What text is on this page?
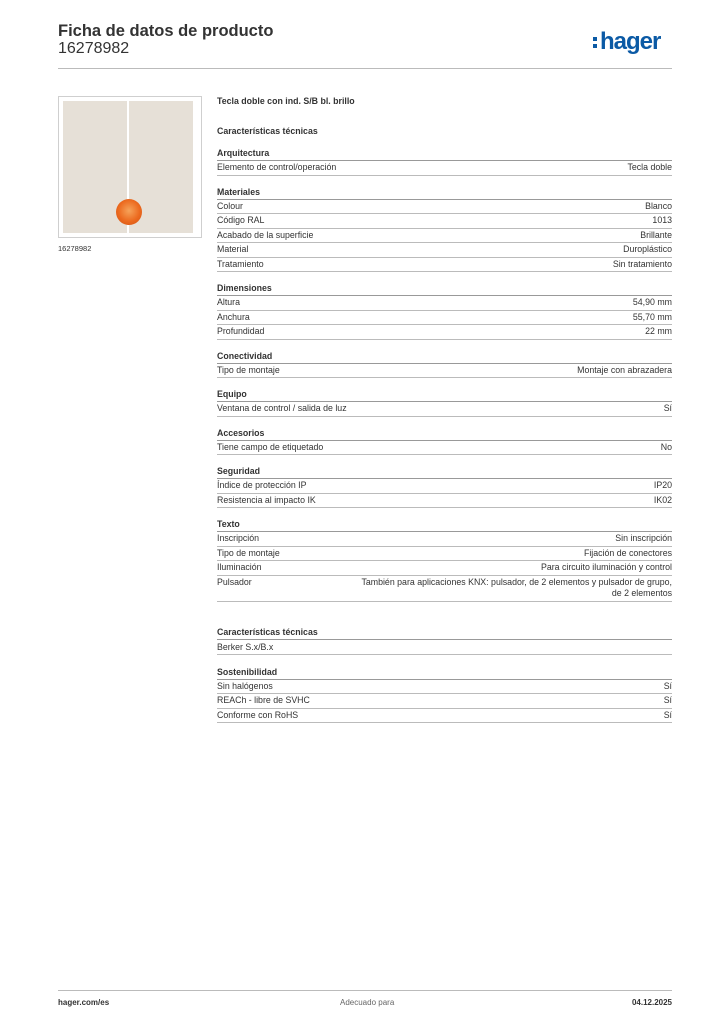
Ficha de datos de producto
16278982	hager
16278982
Tecla doble con ind. S/B bl. brillo
Características técnicas
Arquitectura
Elemento de control/operación	Tecla doble
Materiales
Colour	Blanco
Código RAL	1013
Acabado de la superficie	Brillante
Material	Duroplástico
Tratamiento	Sin tratamiento
Dimensiones
Altura	54,90 mm
Anchura	55,70 mm
Profundidad	22 mm
Conectividad
Tipo de montaje	Montaje con abrazadera
Equipo
Ventana de control / salida de luz	Sí
Accesorios
Tiene campo de etiquetado	No
Seguridad
Índice de protección IP	IP20
Resistencia al impacto IK	IK02
Texto
Inscripción	Sin inscripción
Tipo de montaje	Fijación de conectores
Iluminación	Para circuito iluminación y control
Pulsador	También para aplicaciones KNX: pulsador, de 2 elementos y pulsador de grupo, de 2 elementos
Características técnicas
Berker S.x/B.x
Sostenibilidad
Sin halógenos	Sí
REACh - libre de SVHC	Sí
Conforme con RoHS	Sí
hager.com/es	Adecuado para	04.12.2025
